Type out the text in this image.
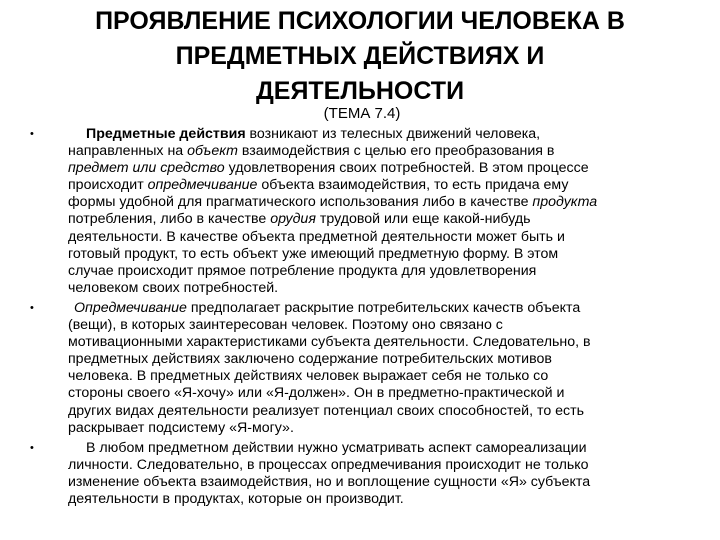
ПРОЯВЛЕНИЕ ПСИХОЛОГИИ ЧЕЛОВЕКА В
ПРЕДМЕТНЫХ ДЕЙСТВИЯХ И
ДЕЯТЕЛЬНОСТИ
(ТЕМА 7.4)
• Предметные действия возникают из телесных движений человека,
направленных на объект взаимодействия с целью его преобразования в
предмет или средство удовлетворения своих потребностей. В этом процессе
происходит опредмечивание объекта взаимодействия, то есть придача ему
формы удобной для прагматического использования либо в качестве продукта
потребления, либо в качестве орудия трудовой или еще какой-нибудь
деятельности. В качестве объекта предметной деятельности может быть и
готовый продукт, то есть объект уже имеющий предметную форму. В этом
случае происходит прямое потребление продукта для удовлетворения
человеком своих потребностей.
• Опредмечивание предполагает раскрытие потребительских качеств объекта
(вещи), в которых заинтересован человек. Поэтому оно связано с
мотивационными характеристиками субъекта деятельности. Следовательно, в
предметных действиях заключено содержание потребительских мотивов
человека. В предметных действиях человек выражает себя не только со
стороны своего «Я-хочу» или «Я-должен». Он в предметно-практической и
других видах деятельности реализует потенциал своих способностей, то есть
раскрывает подсистему «Я-могу».
• В любом предметном действии нужно усматривать аспект самореализации
личности. Следовательно, в процессах опредмечивания происходит не только
изменение объекта взаимодействия, но и воплощение сущности «Я» субъекта
деятельности в продуктах, которые он производит.
